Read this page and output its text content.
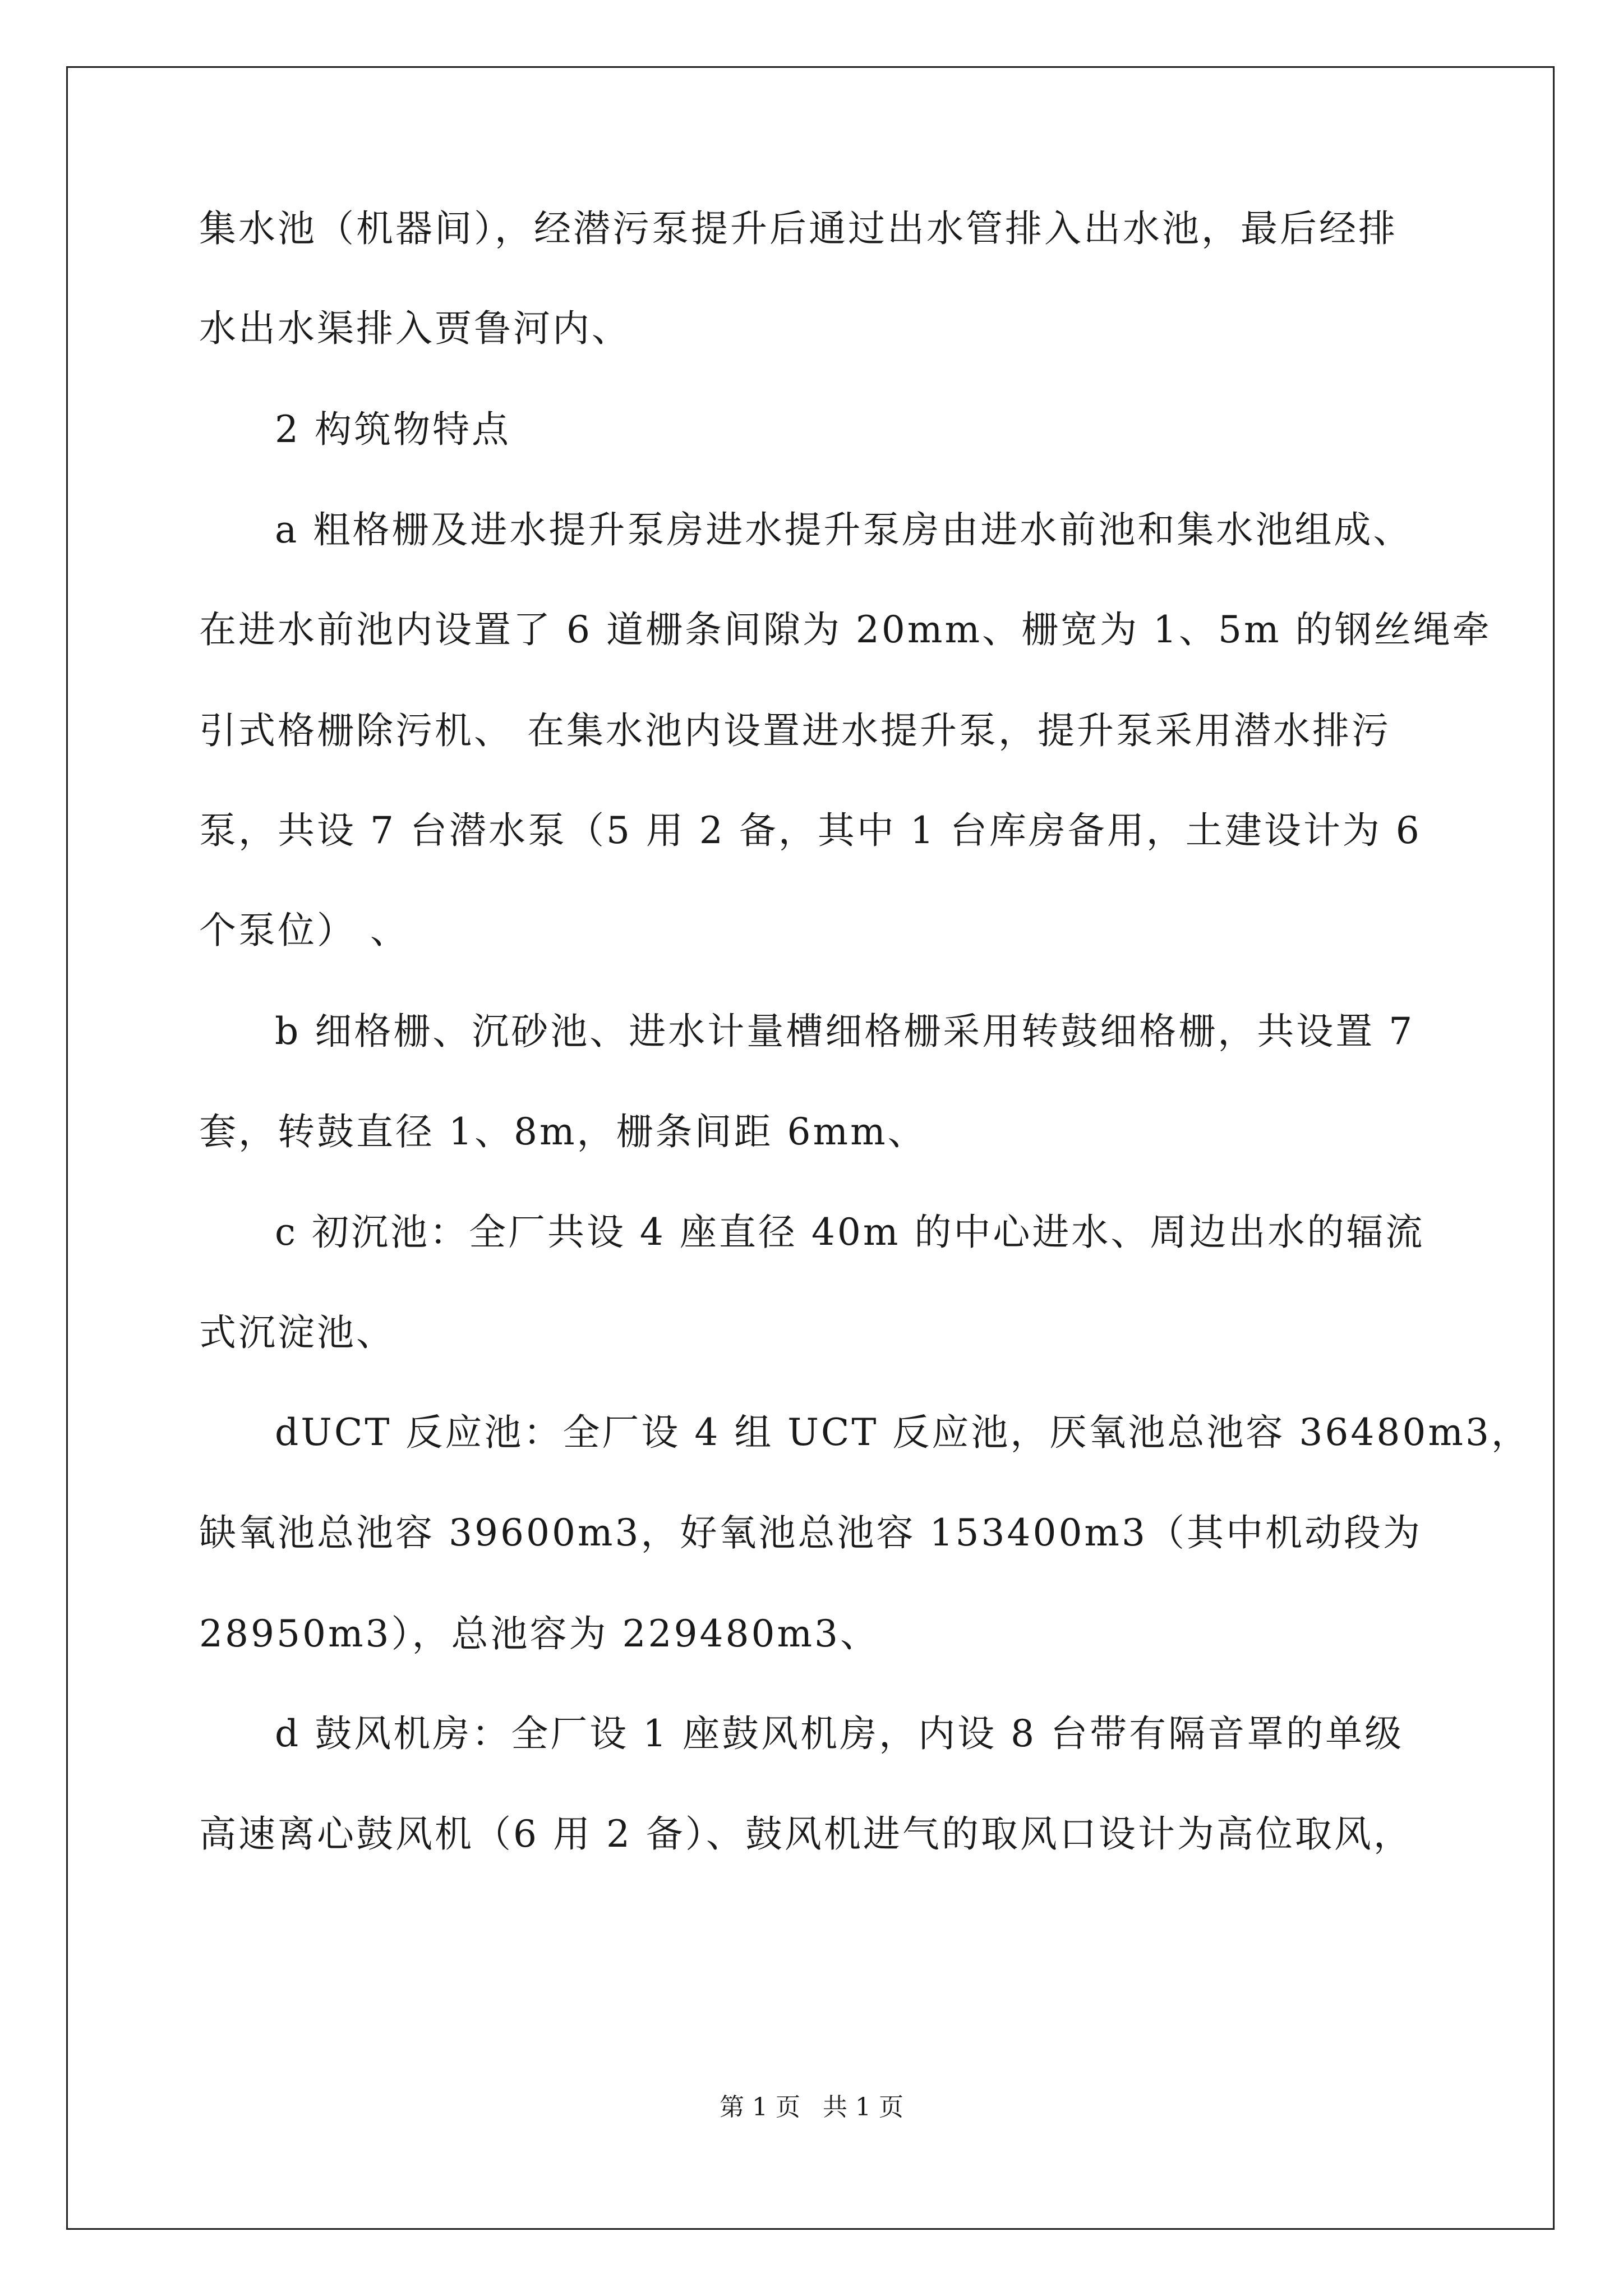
集水池（机器间），经潜污泵提升后通过出水管排入出水池，最后经排
水出水渠排入贾鲁河内、
2 构筑物特点
a 粗格栅及进水提升泵房进水提升泵房由进水前池和集水池组成、
在进水前池内设置了 6 道栅条间隙为 20mm、栅宽为 1、5m 的钢丝绳牵
引式格栅除污机、 在集水池内设置进水提升泵，提升泵采用潜水排污
泵，共设 7 台潜水泵（5 用 2 备，其中 1 台库房备用，土建设计为 6
个泵位） 、
b 细格栅、沉砂池、进水计量槽细格栅采用转鼓细格栅，共设置 7
套，转鼓直径 1、8m，栅条间距 6mm、
c 初沉池：全厂共设 4 座直径 40m 的中心进水、周边出水的辐流
式沉淀池、
dUCT 反应池：全厂设 4 组 UCT 反应池，厌氧池总池容 36480m3，
缺氧池总池容 39600m3，好氧池总池容 153400m3（其中机动段为
28950m3），总池容为 229480m3、
d 鼓风机房：全厂设 1 座鼓风机房，内设 8 台带有隔音罩的单级
高速离心鼓风机（6 用 2 备）、鼓风机进气的取风口设计为高位取风，
第 1 页 共 1 页
